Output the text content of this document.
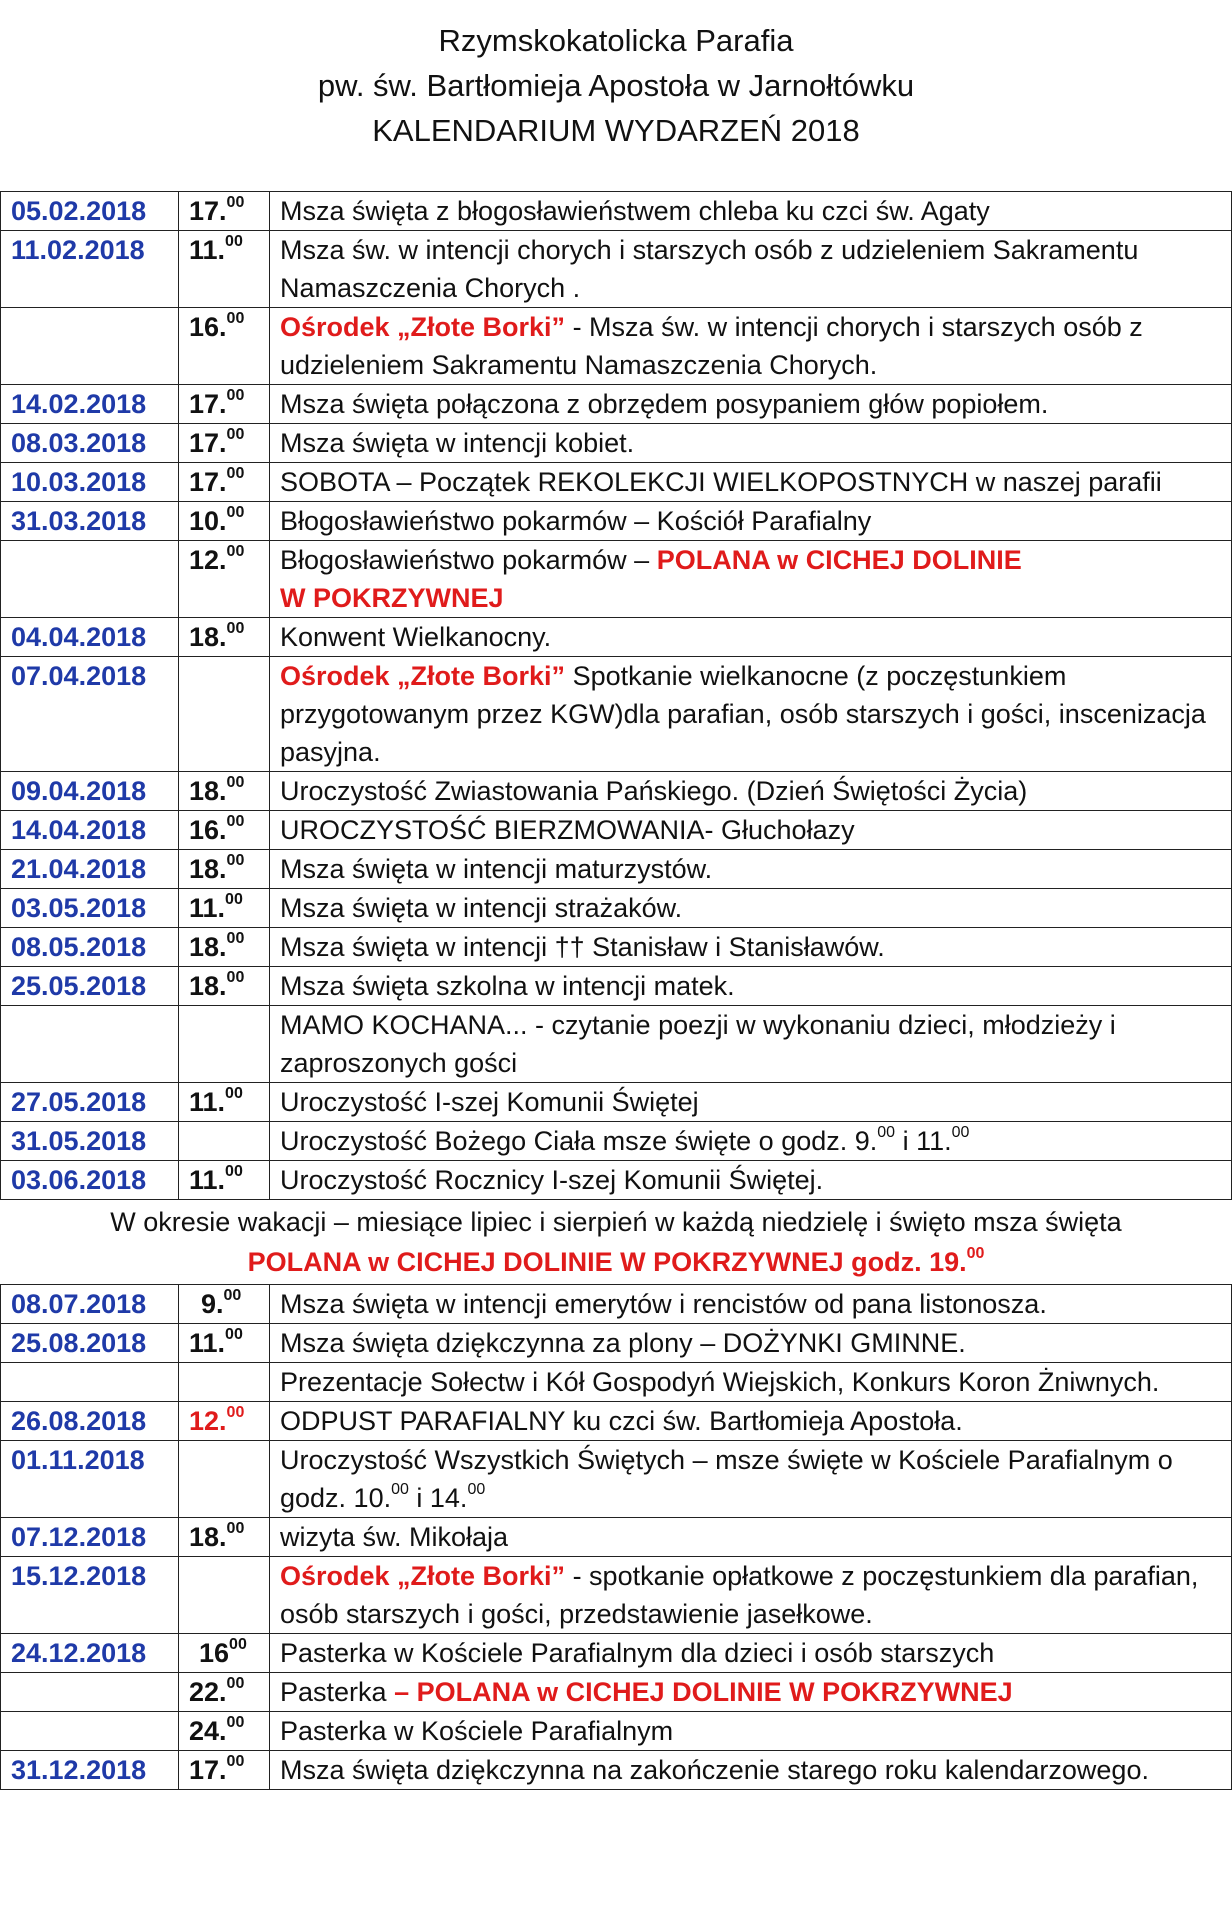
Rzymskokatolicka Parafia
pw. św. Bartłomieja Apostoła w Jarnołtówku
KALENDARIUM WYDARZEŃ 2018
05.02.2018	17.00	Msza święta z błogosławieństwem chleba ku czci św. Agaty
11.02.2018	11.00	Msza św. w intencji chorych i starszych osób z udzieleniem Sakramentu Namaszczenia Chorych .
	16.00	Ośrodek „Złote Borki” - Msza św. w intencji chorych i starszych osób z udzieleniem Sakramentu Namaszczenia Chorych.
14.02.2018	17.00	Msza święta połączona z obrzędem posypaniem głów popiołem.
08.03.2018	17.00	Msza święta w intencji kobiet.
10.03.2018	17.00	SOBOTA – Początek REKOLEKCJI WIELKOPOSTNYCH w naszej parafii
31.03.2018	10.00	Błogosławieństwo pokarmów – Kościół Parafialny
	12.00	Błogosławieństwo pokarmów – POLANA w CICHEJ DOLINIE
W POKRZYWNEJ
04.04.2018	18.00	Konwent Wielkanocny.
07.04.2018		Ośrodek „Złote Borki” Spotkanie wielkanocne (z poczęstunkiem przygotowanym przez KGW)dla parafian, osób starszych i gości, inscenizacja pasyjna.
09.04.2018	18.00	Uroczystość Zwiastowania Pańskiego. (Dzień Świętości Życia)
14.04.2018	16.00	UROCZYSTOŚĆ BIERZMOWANIA- Głuchołazy
21.04.2018	18.00	Msza święta w intencji maturzystów.
03.05.2018	11.00	Msza święta w intencji strażaków.
08.05.2018	18.00	Msza święta w intencji †† Stanisław i Stanisławów.
25.05.2018	18.00	Msza święta szkolna w intencji matek.
		MAMO KOCHANA... - czytanie poezji w wykonaniu dzieci, młodzieży i zaproszonych gości
27.05.2018	11.00	Uroczystość I-szej Komunii Świętej
31.05.2018		Uroczystość Bożego Ciała msze święte o godz. 9.00 i 11.00
03.06.2018	11.00	Uroczystość Rocznicy I-szej Komunii Świętej.

W okresie wakacji – miesiące lipiec i sierpień w każdą niedzielę i święto msza święta
POLANA w CICHEJ DOLINIE W POKRZYWNEJ godz. 19.00

08.07.2018	9.00	Msza święta w intencji emerytów i rencistów od pana listonosza.
25.08.2018	11.00	Msza święta dziękczynna za plony – DOŻYNKI GMINNE.
		Prezentacje Sołectw i Kół Gospodyń Wiejskich, Konkurs Koron Żniwnych.
26.08.2018	12.00	ODPUST PARAFIALNY ku czci św. Bartłomieja Apostoła.
01.11.2018		Uroczystość Wszystkich Świętych – msze święte w Kościele Parafialnym o godz. 10.00 i 14.00
07.12.2018	18.00	wizyta św. Mikołaja
15.12.2018		Ośrodek „Złote Borki” - spotkanie opłatkowe z poczęstunkiem dla parafian, osób starszych i gości, przedstawienie jasełkowe.
24.12.2018	$16^{00}$	Pasterka w Kościele Parafialnym dla dzieci i osób starszych
	22.00	Pasterka – POLANA w CICHEJ DOLINIE W POKRZYWNEJ
	24.00	Pasterka w Kościele Parafialnym
31.12.2018	17.00	Msza święta dziękczynna na zakończenie starego roku kalendarzowego.
